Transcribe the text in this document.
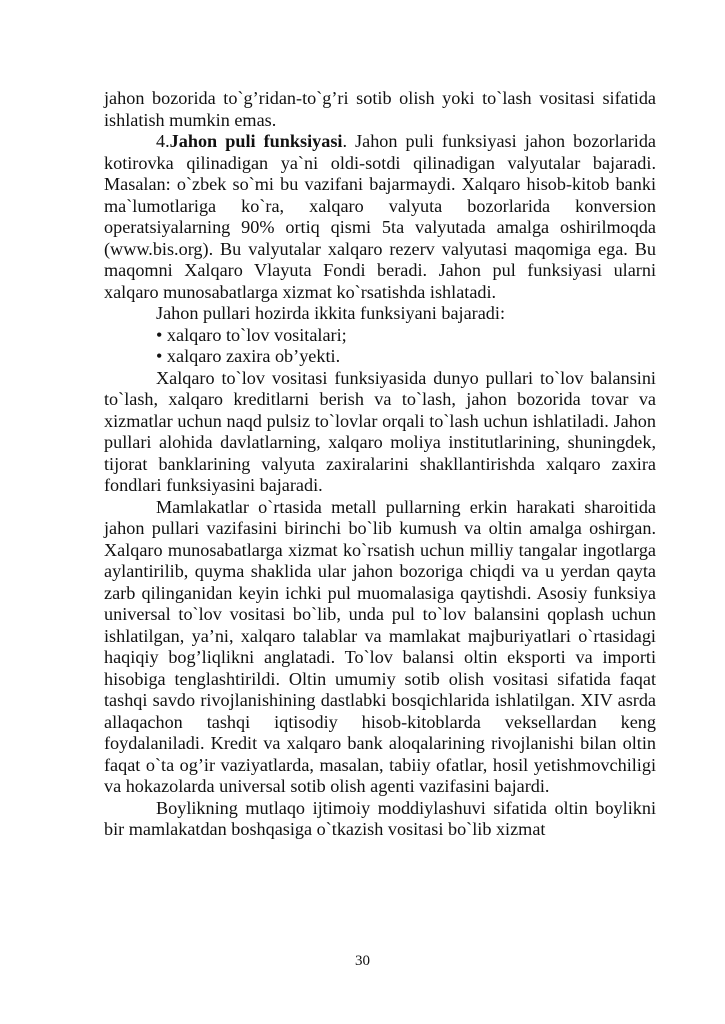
jahon bozorida to`g’ridan-to`g’ri sotib olish yoki to`lash vositasi sifatida ishlatish mumkin emas.

4.Jahon puli funksiyasi. Jahon puli funksiyasi jahon bozorlarida kotirovka qilinadigan ya`ni oldi-sotdi qilinadigan valyutalar bajaradi. Masalan: o`zbek so`mi bu vazifani bajarmaydi. Xalqaro hisob-kitob banki ma`lumotlariga ko`ra, xalqaro valyuta bozorlarida konversion operatsiyalarning 90% ortiq qismi 5ta valyutada amalga oshirilmoqda (www.bis.org). Bu valyutalar xalqaro rezerv valyutasi maqomiga ega. Bu maqomni Xalqaro Vlayuta Fondi beradi. Jahon pul funksiyasi ularni xalqaro munosabatlarga xizmat ko`rsatishda ishlatadi.

Jahon pullari hozirda ikkita funksiyani bajaradi:

• xalqaro to`lov vositalari;

• xalqaro zaxira ob’yekti.

Xalqaro to`lov vositasi funksiyasida dunyo pullari to`lov balansini to`lash, xalqaro kreditlarni berish va to`lash, jahon bozorida tovar va xizmatlar uchun naqd pulsiz to`lovlar orqali to`lash uchun ishlatiladi. Jahon pullari alohida davlatlarning, xalqaro moliya institutlarining, shuningdek, tijorat banklarining valyuta zaxiralarini shakllantirishda xalqaro zaxira fondlari funksiyasini bajaradi.

Mamlakatlar o`rtasida metall pullarning erkin harakati sharoitida jahon pullari vazifasini birinchi bo`lib kumush va oltin amalga oshirgan. Xalqaro munosabatlarga xizmat ko`rsatish uchun milliy tangalar ingotlarga aylantirilib, quyma shaklida ular jahon bozoriga chiqdi va u yerdan qayta zarb qilinganidan keyin ichki pul muomalasiga qaytishdi. Asosiy funksiya universal to`lov vositasi bo`lib, unda pul to`lov balansini qoplash uchun ishlatilgan, ya’ni, xalqaro talablar va mamlakat majburiyatlari o`rtasidagi haqiqiy bog’liqlikni anglatadi. To`lov balansi oltin eksporti va importi hisobiga tenglashtirildi. Oltin umumiy sotib olish vositasi sifatida faqat tashqi savdo rivojlanishining dastlabki bosqichlarida ishlatilgan. XIV asrda allaqachon tashqi iqtisodiy hisob-kitoblarda veksellardan keng foydalaniladi. Kredit va xalqaro bank aloqalarining rivojlanishi bilan oltin faqat o`ta og’ir vaziyatlarda, masalan, tabiiy ofatlar, hosil yetishmovchiligi va hokazolarda universal sotib olish agenti vazifasini bajardi.

Boylikning mutlaqo ijtimoiy moddiylashuvi sifatida oltin boylikni bir mamlakatdan boshqasiga o`tkazish vositasi bo`lib xizmat

30
